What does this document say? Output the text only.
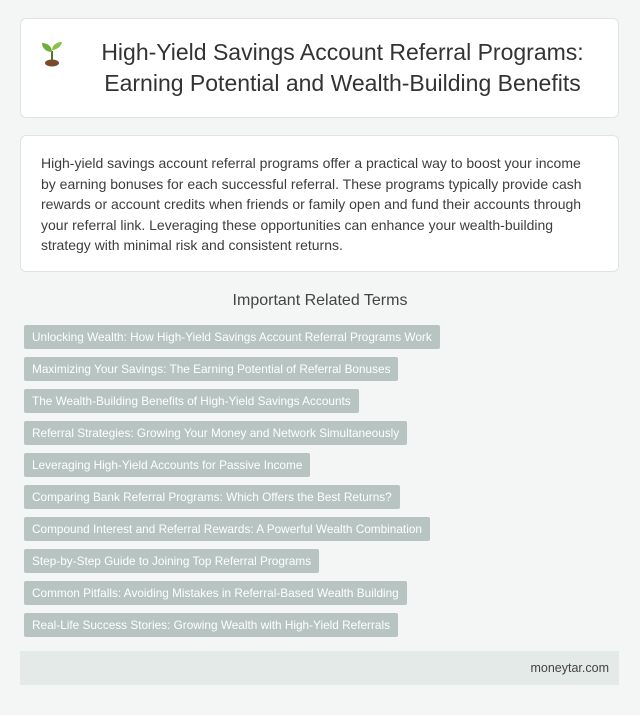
High-Yield Savings Account Referral Programs: Earning Potential and Wealth-Building Benefits

High-yield savings account referral programs offer a practical way to boost your income by earning bonuses for each successful referral. These programs typically provide cash rewards or account credits when friends or family open and fund their accounts through your referral link. Leveraging these opportunities can enhance your wealth-building strategy with minimal risk and consistent returns.

Important Related Terms
Unlocking Wealth: How High-Yield Savings Account Referral Programs Work
Maximizing Your Savings: The Earning Potential of Referral Bonuses
The Wealth-Building Benefits of High-Yield Savings Accounts
Referral Strategies: Growing Your Money and Network Simultaneously
Leveraging High-Yield Accounts for Passive Income
Comparing Bank Referral Programs: Which Offers the Best Returns?
Compound Interest and Referral Rewards: A Powerful Wealth Combination
Step-by-Step Guide to Joining Top Referral Programs
Common Pitfalls: Avoiding Mistakes in Referral-Based Wealth Building
Real-Life Success Stories: Growing Wealth with High-Yield Referrals
moneytar.com
